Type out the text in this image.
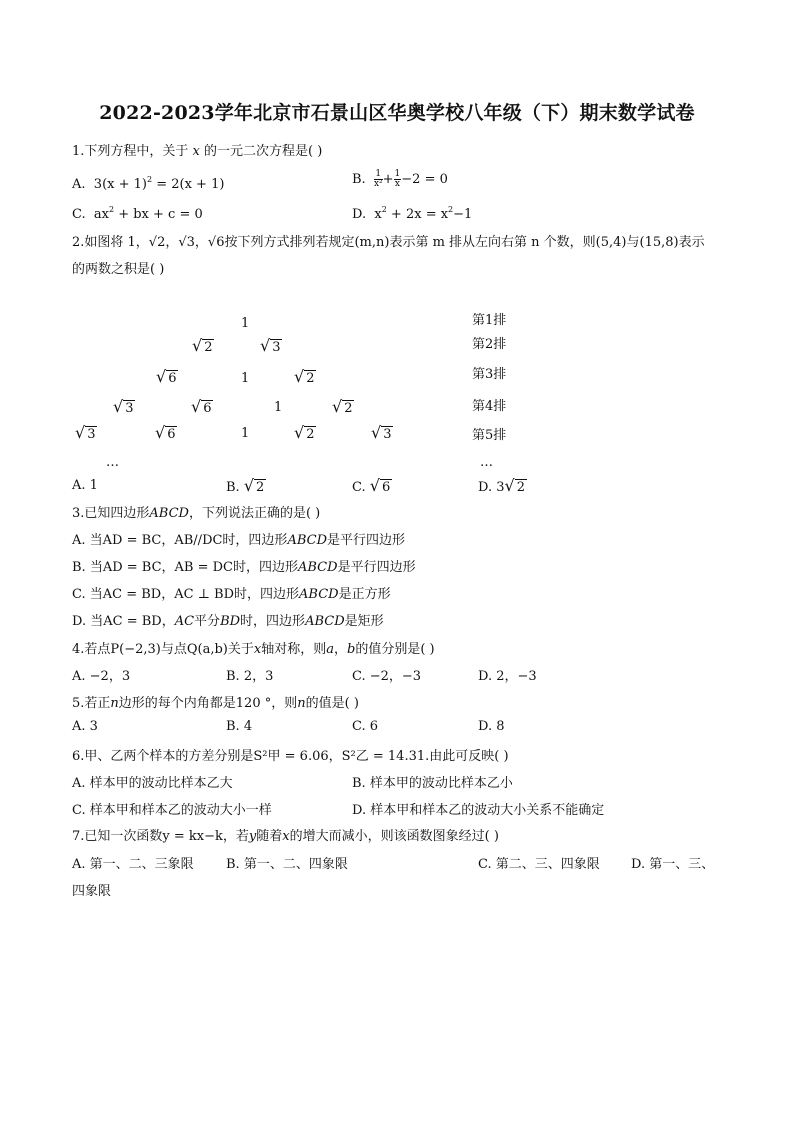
2022-2023学年北京市石景山区华奥学校八年级（下）期末数学试卷
1.下列方程中，关于 x 的一元二次方程是( )
A. $3(x + 1)^2 = 2(x + 1)$	B. $\frac{1}{\text{x²}} + \frac{1}{x} -2 = 0$
C. $ax^2$ + bx + c = 0	D. $x^2 + 2x = x^2-1$
2.如图将 1，√2，√3，√6按下列方式排列若规定(m,n)表示第 m 排从左向右第 n 个数，则(5,4)与(15,8)表示
的两数之积是( )
1
√ 2	√ 3
√ 6	1	√ 2
√ 3	√ 6	1	√ 2
√ 3	√ 6	1	√ 2	√ 3
…	…
第1排
第2排
第3排
第4排
第5排
A. 1	B. √ 2	C. √ 6	D. 3√ 2
3.已知四边形ABCD，下列说法正确的是( )
A. 当AD = BC，AB//DC时，四边形ABCD是平行四边形
B. 当AD = BC，AB = DC时，四边形ABCD是平行四边形
C. 当AC = BD，AC ⊥ BD时，四边形ABCD是正方形
D. 当AC = BD，AC平分BD时，四边形ABCD是矩形
4.若点P(−2,3)与点Q(a,b)关于x轴对称，则a，b的值分别是( )
A. −2，3	B. 2，3	C. −2，−3	D. 2，−3
5.若正n边形的每个内角都是120 °，则n的值是( )
A. 3	B. 4	C. 6	D. 8
6.甲、乙两个样本的方差分别是S²甲 = 6.06，S²乙 = 14.31.由此可反映( )
A. 样本甲的波动比样本乙大	B. 样本甲的波动比样本乙小
C. 样本甲和样本乙的波动大小一样	D. 样本甲和样本乙的波动大小关系不能确定
7.已知一次函数y = kx−k，若y随着x的增大而减小，则该函数图象经过( )
A. 第一、二、三象限 B. 第一、二、四象限	C. 第二、三、四象限 D. 第一、三、
四象限
